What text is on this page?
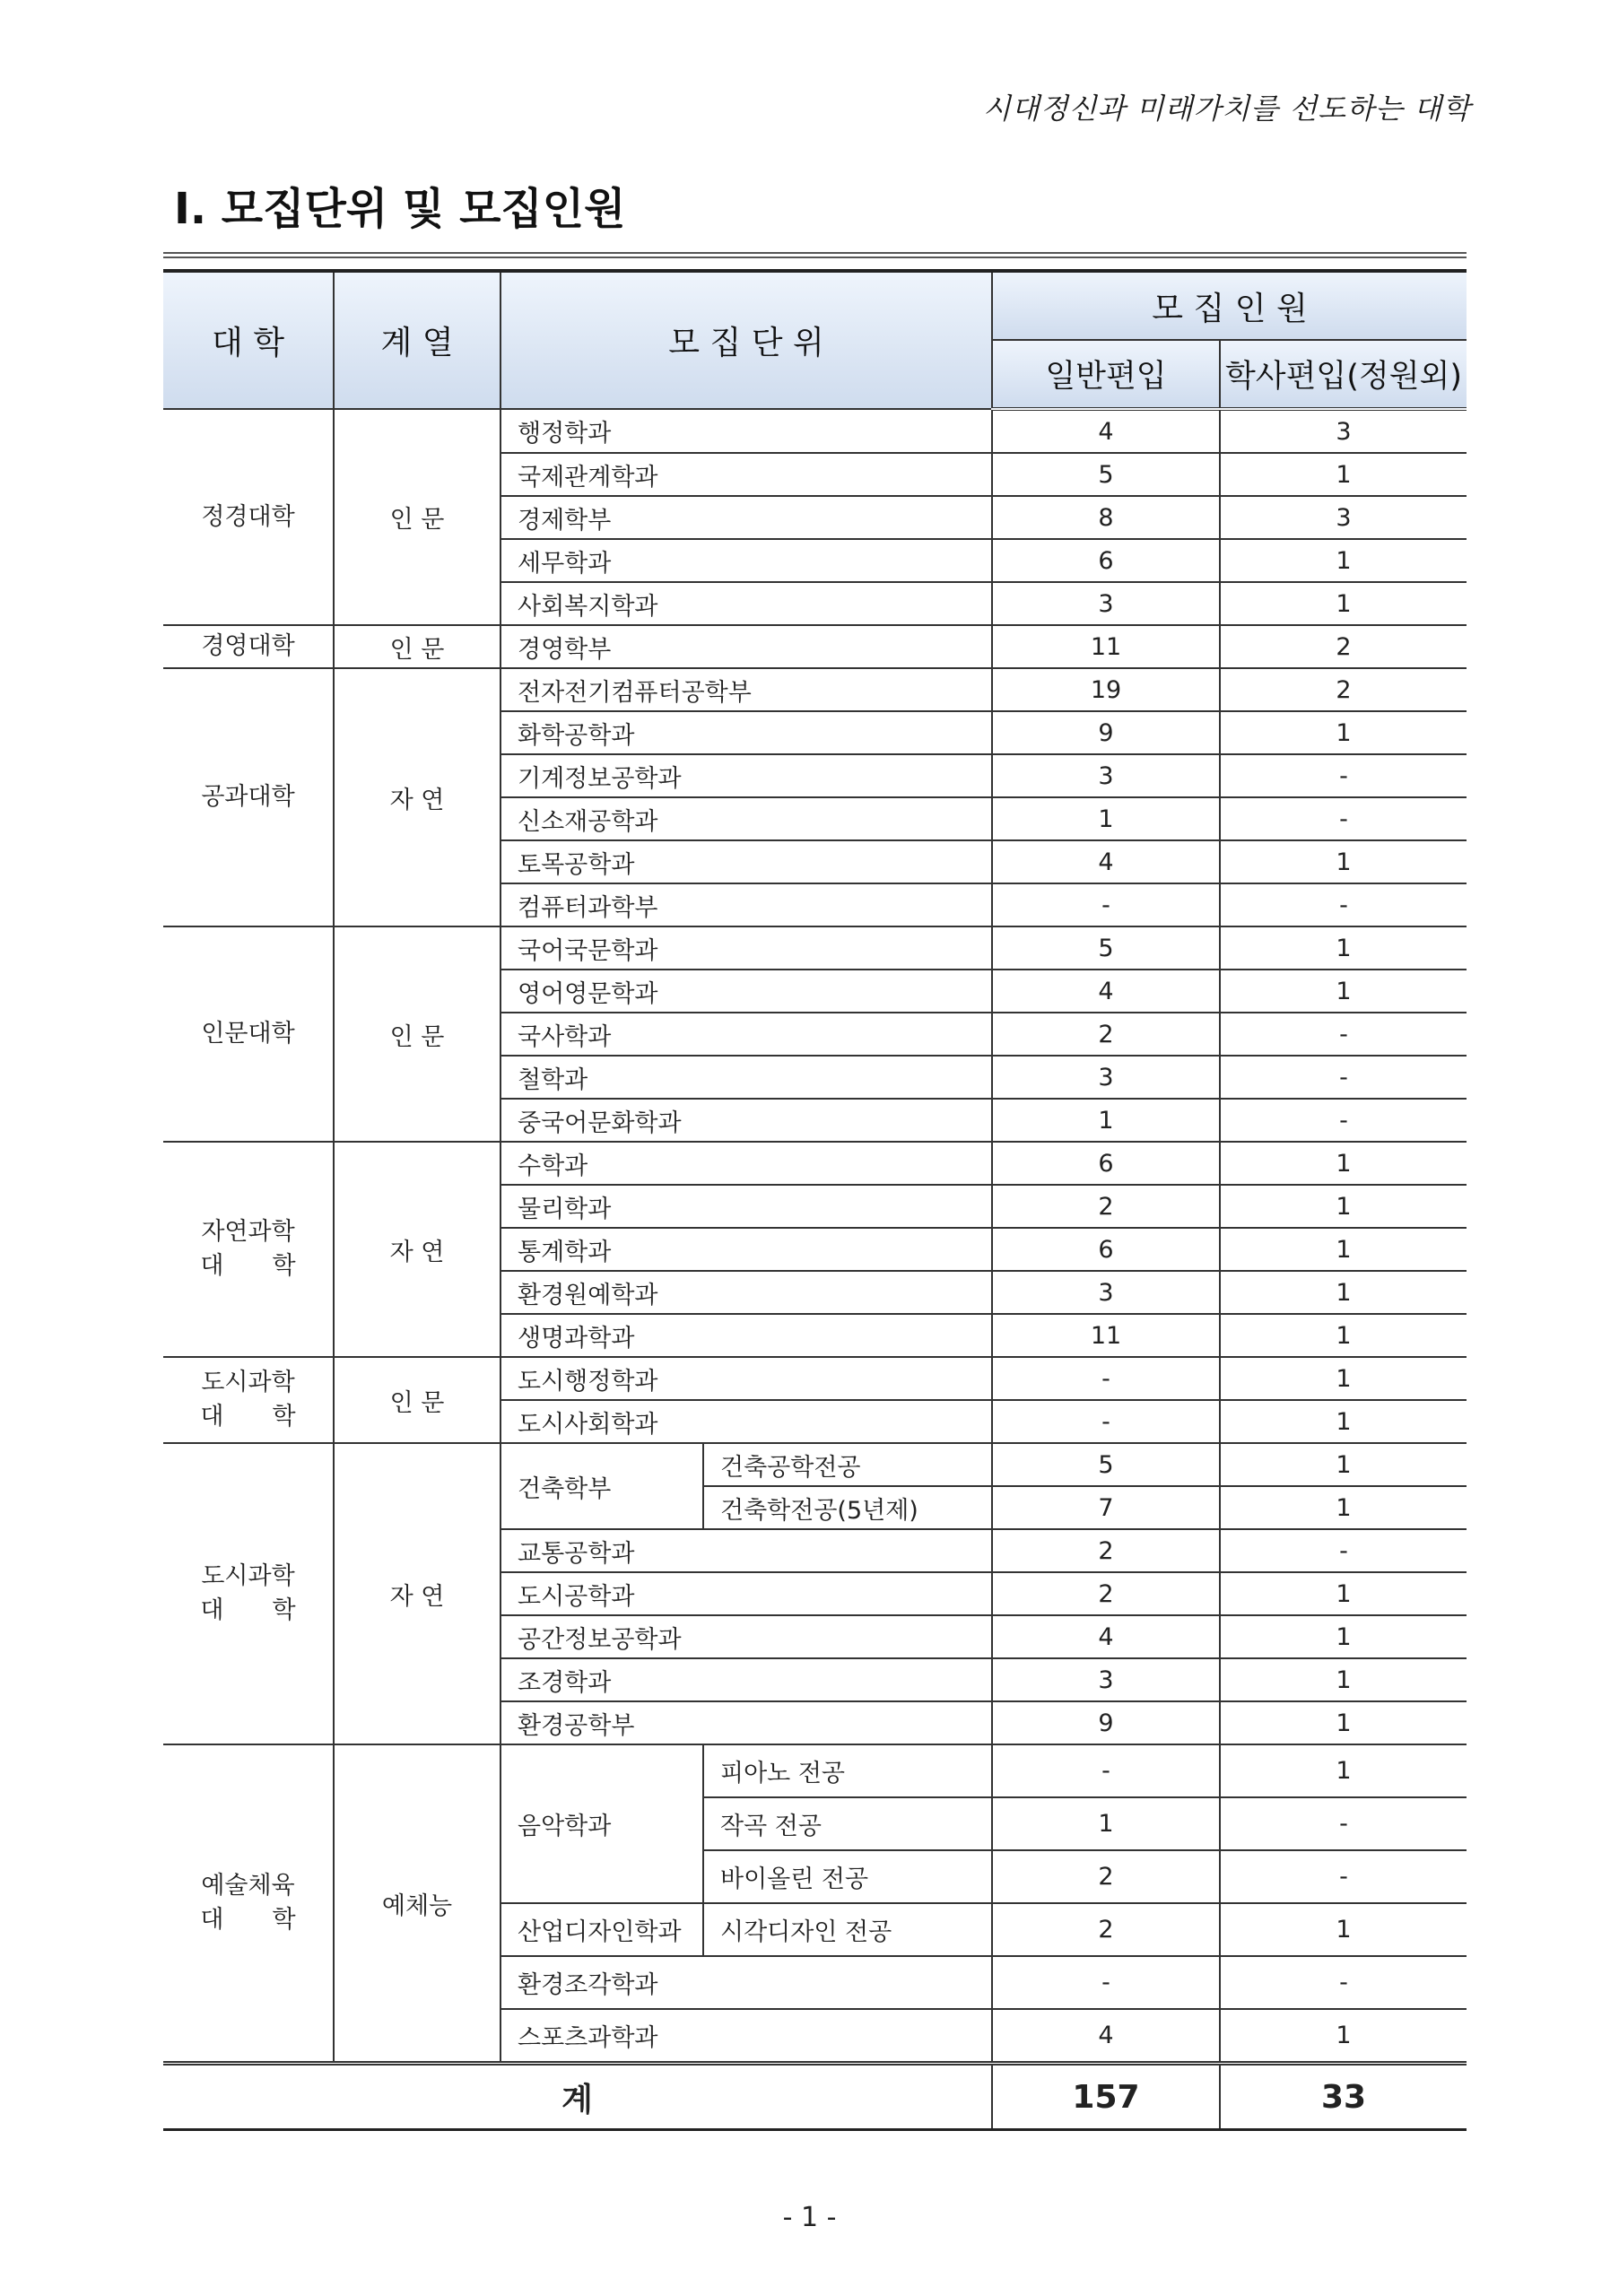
시대정신과 미래가치를 선도하는 대학
Ⅰ. 모집단위 및 모집인원
대 학	계 열	모 집 단 위		모 집 인 원	
				일반편입	학사편입(정원외)
정경대학	인 문	행정학과		4	3
		국제관계학과		5	1
		경제학부		8	3
		세무학과		6	1
		사회복지학과		3	1
경영대학	인 문	경영학부		11	2
공과대학	자 연	전자전기컴퓨터공학부		19	2
		화학공학과		9	1
		기계정보공학과		3	-
		신소재공학과		1	-
		토목공학과		4	1
		컴퓨터과학부		-	-
인문대학	인 문	국어국문학과		5	1
		영어영문학과		4	1
		국사학과		2	-
		철학과		3	-
		중국어문화학과		1	-
자연과학
대　　학	자 연	수학과		6	1
		물리학과		2	1
		통계학과		6	1
		환경원예학과		3	1
		생명과학과		11	1
도시과학
대　　학	인 문	도시행정학과		-	1
		도시사회학과		-	1
도시과학
대　　학	자 연	건축학부	건축공학전공	5	1
			건축학전공(5년제)	7	1
		교통공학과		2	-
		도시공학과		2	1
		공간정보공학과		4	1
		조경학과		3	1
		환경공학부		9	1
예술체육
대　　학	예체능	음악학과	피아노 전공	-	1
			작곡 전공	1	-
			바이올린 전공	2	-
		산업디자인학과	시각디자인 전공	2	1
		환경조각학과		-	-
		스포츠과학과		4	1
계				157	33
- 1 -
